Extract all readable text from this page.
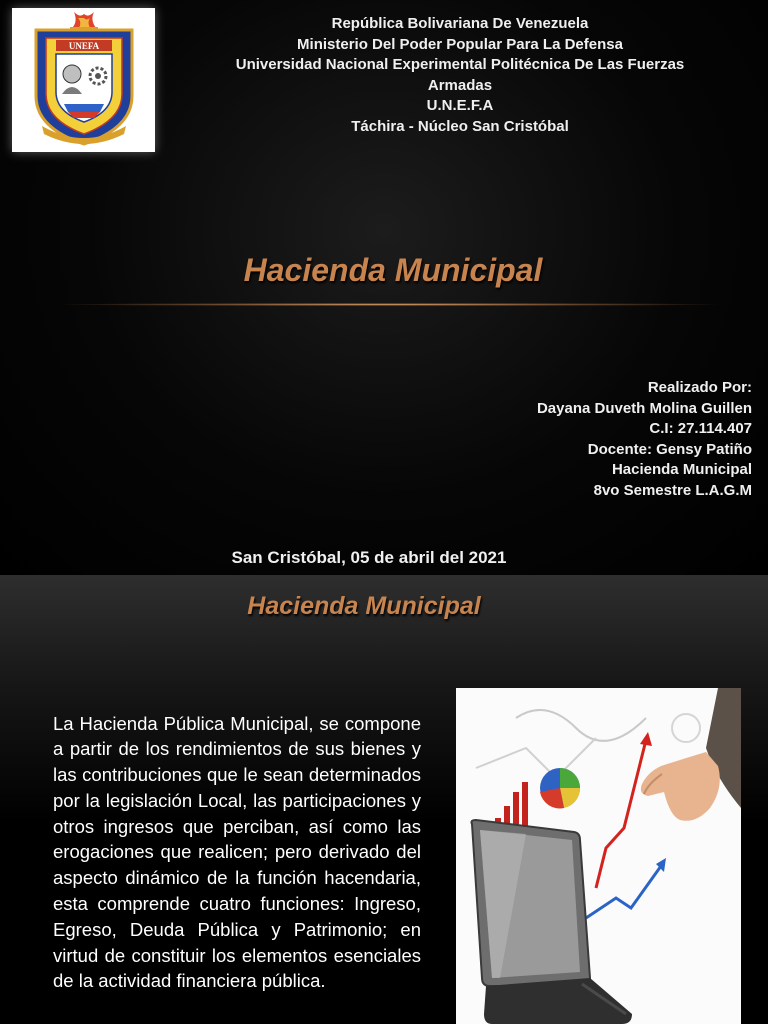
UNEFA
República Bolivariana De Venezuela
Ministerio Del Poder Popular Para La Defensa
Universidad Nacional Experimental Politécnica De Las Fuerzas
Armadas
U.N.E.F.A
Táchira - Núcleo San Cristóbal
Hacienda Municipal
Realizado Por:
Dayana Duveth Molina Guillen
C.I: 27.114.407
Docente: Gensy Patiño
Hacienda Municipal
8vo Semestre L.A.G.M
San Cristóbal, 05 de abril del 2021
Hacienda Municipal

La Hacienda Pública Municipal, se compone a partir de los rendimientos de sus bienes y las contribuciones que le sean determinados por la legislación Local, las participaciones y otros ingresos que perciban, así como las erogaciones que realicen; pero derivado del aspecto dinámico de la función hacendaria, esta comprende cuatro funciones: Ingreso, Egreso, Deuda Pública y Patrimonio; en virtud de constituir los elementos esenciales de la actividad financiera pública.
